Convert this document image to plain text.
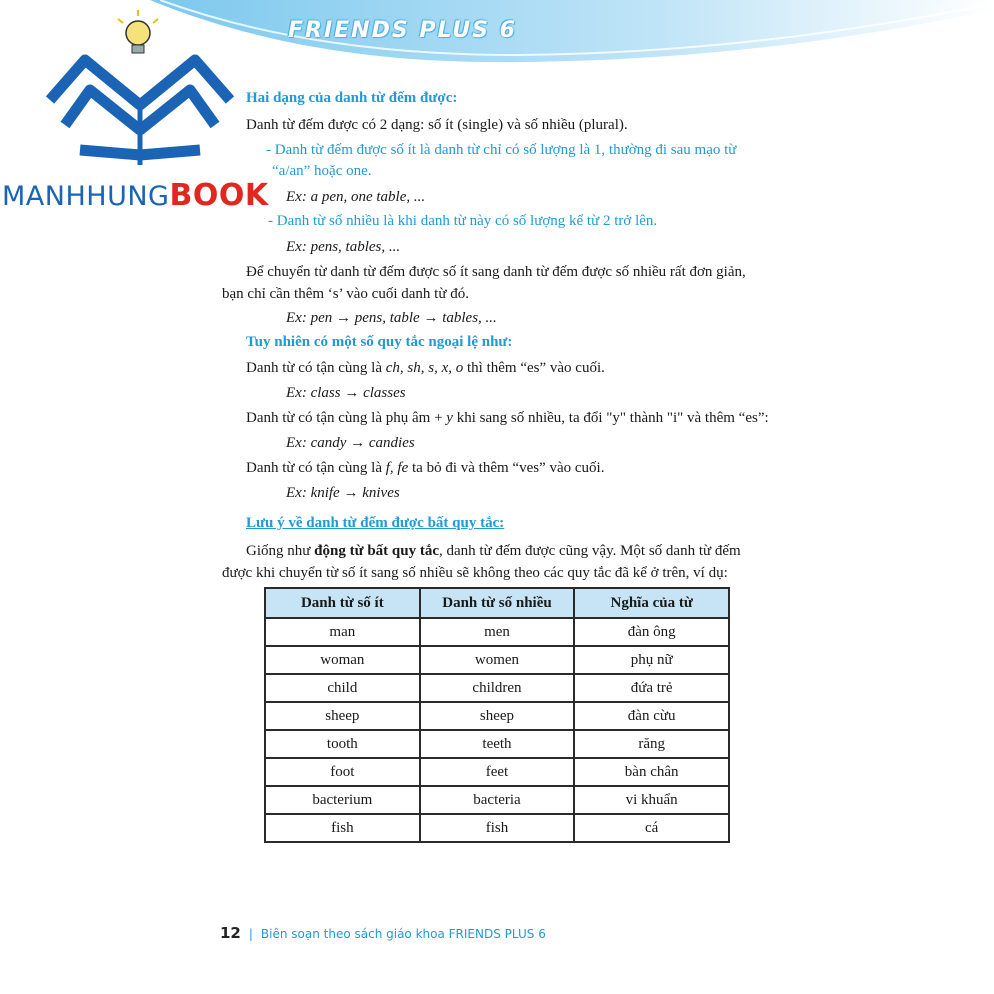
FRIENDS PLUS 6
MANHHUNGBOOK
Hai dạng của danh từ đếm được:
Danh từ đếm được có 2 dạng: số ít (single) và số nhiều (plural).
- Danh từ đếm được số ít là danh từ chỉ có số lượng là 1, thường đi sau mạo từ
“a/an” hoặc one.
Ex: a pen, one table, ...
- Danh từ số nhiều là khi danh từ này có số lượng kể từ 2 trở lên.
Ex: pens, tables, ...
Để chuyển từ danh từ đếm được số ít sang danh từ đếm được số nhiều rất đơn giản,
bạn chỉ cần thêm ‘s’ vào cuối danh từ đó.
Ex: pen → pens, table → tables, ...
Tuy nhiên có một số quy tắc ngoại lệ như:
Danh từ có tận cùng là ch, sh, s, x, o thì thêm “es” vào cuối.
Ex: class → classes
Danh từ có tận cùng là phụ âm + y khi sang số nhiều, ta đổi "y" thành "i" và thêm “es”:
Ex: candy → candies
Danh từ có tận cùng là f, fe ta bỏ đi và thêm “ves” vào cuối.
Ex: knife → knives
Lưu ý về danh từ đếm được bất quy tắc:
Giống như động từ bất quy tắc, danh từ đếm được cũng vậy. Một số danh từ đếm
được khi chuyển từ số ít sang số nhiều sẽ không theo các quy tắc đã kể ở trên, ví dụ:
Danh từ số ít	Danh từ số nhiều	Nghĩa của từ
man	men	đàn ông
woman	women	phụ nữ
child	children	đứa trẻ
sheep	sheep	đàn cừu
tooth	teeth	răng
foot	feet	bàn chân
bacterium	bacteria	vi khuẩn
fish	fish	cá
12 | Biên soạn theo sách giáo khoa FRIENDS PLUS 6
